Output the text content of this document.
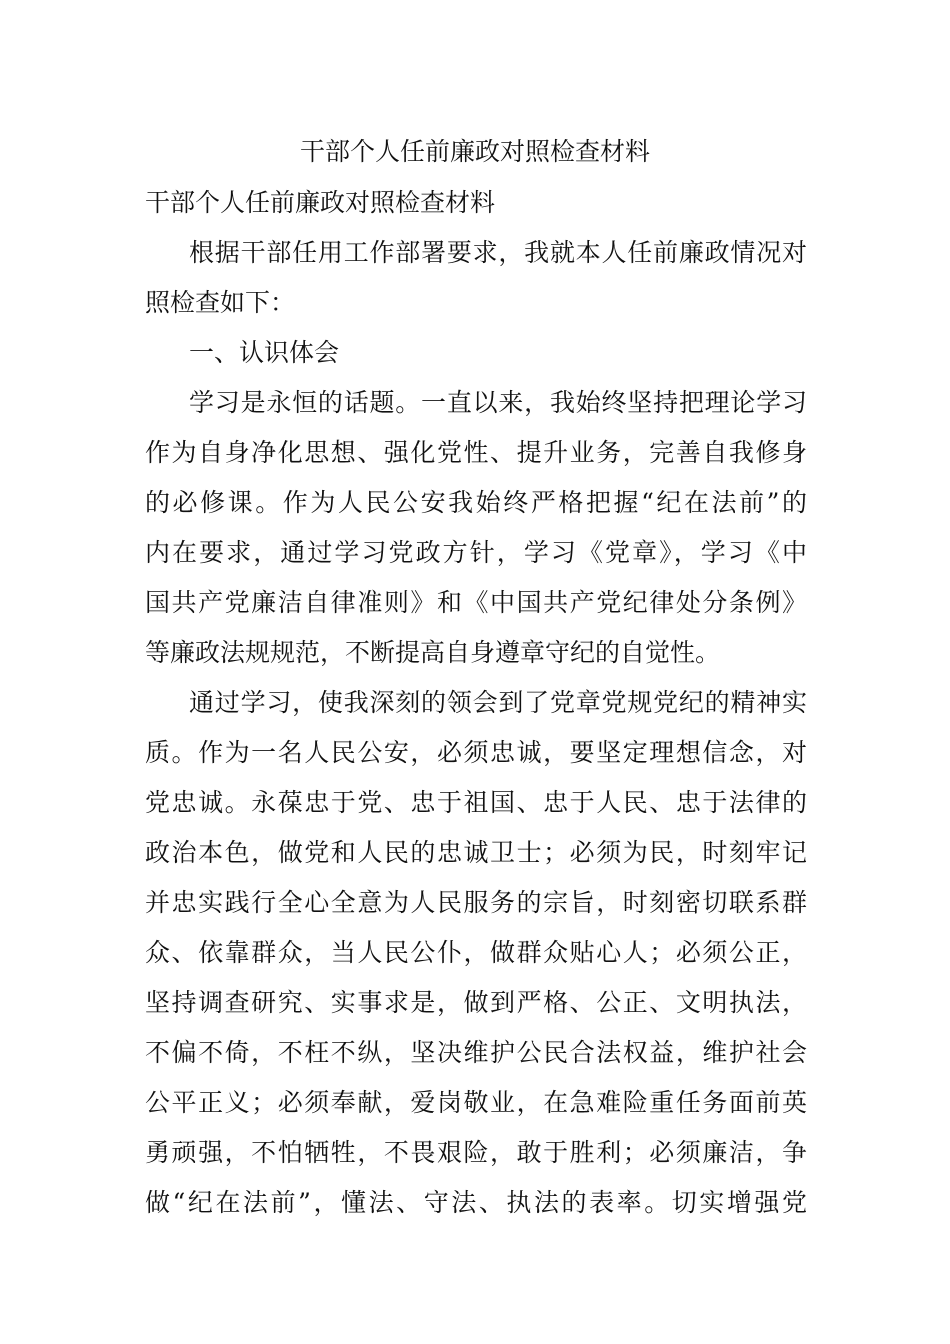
干部个人任前廉政对照检查材料
干部个人任前廉政对照检查材料
根据干部任用工作部署要求，我就本人任前廉政情况对
照检查如下：
一、认识体会
学习是永恒的话题。一直以来，我始终坚持把理论学习
作为自身净化思想、强化党性、提升业务，完善自我修身
的必修课。作为人民公安我始终严格把握“纪在法前”的
内在要求，通过学习党政方针，学习《党章》，学习《中
国共产党廉洁自律准则》和《中国共产党纪律处分条例》
等廉政法规规范，不断提高自身遵章守纪的自觉性。
通过学习，使我深刻的领会到了党章党规党纪的精神实
质。作为一名人民公安，必须忠诚，要坚定理想信念，对
党忠诚。永葆忠于党、忠于祖国、忠于人民、忠于法律的
政治本色，做党和人民的忠诚卫士；必须为民，时刻牢记
并忠实践行全心全意为人民服务的宗旨，时刻密切联系群
众、依靠群众，当人民公仆，做群众贴心人；必须公正，
坚持调查研究、实事求是，做到严格、公正、文明执法，
不偏不倚，不枉不纵，坚决维护公民合法权益，维护社会
公平正义；必须奉献，爱岗敬业，在急难险重任务面前英
勇顽强，不怕牺牲，不畏艰险，敢于胜利；必须廉洁，争
做“纪在法前”，懂法、守法、执法的表率。切实增强党
